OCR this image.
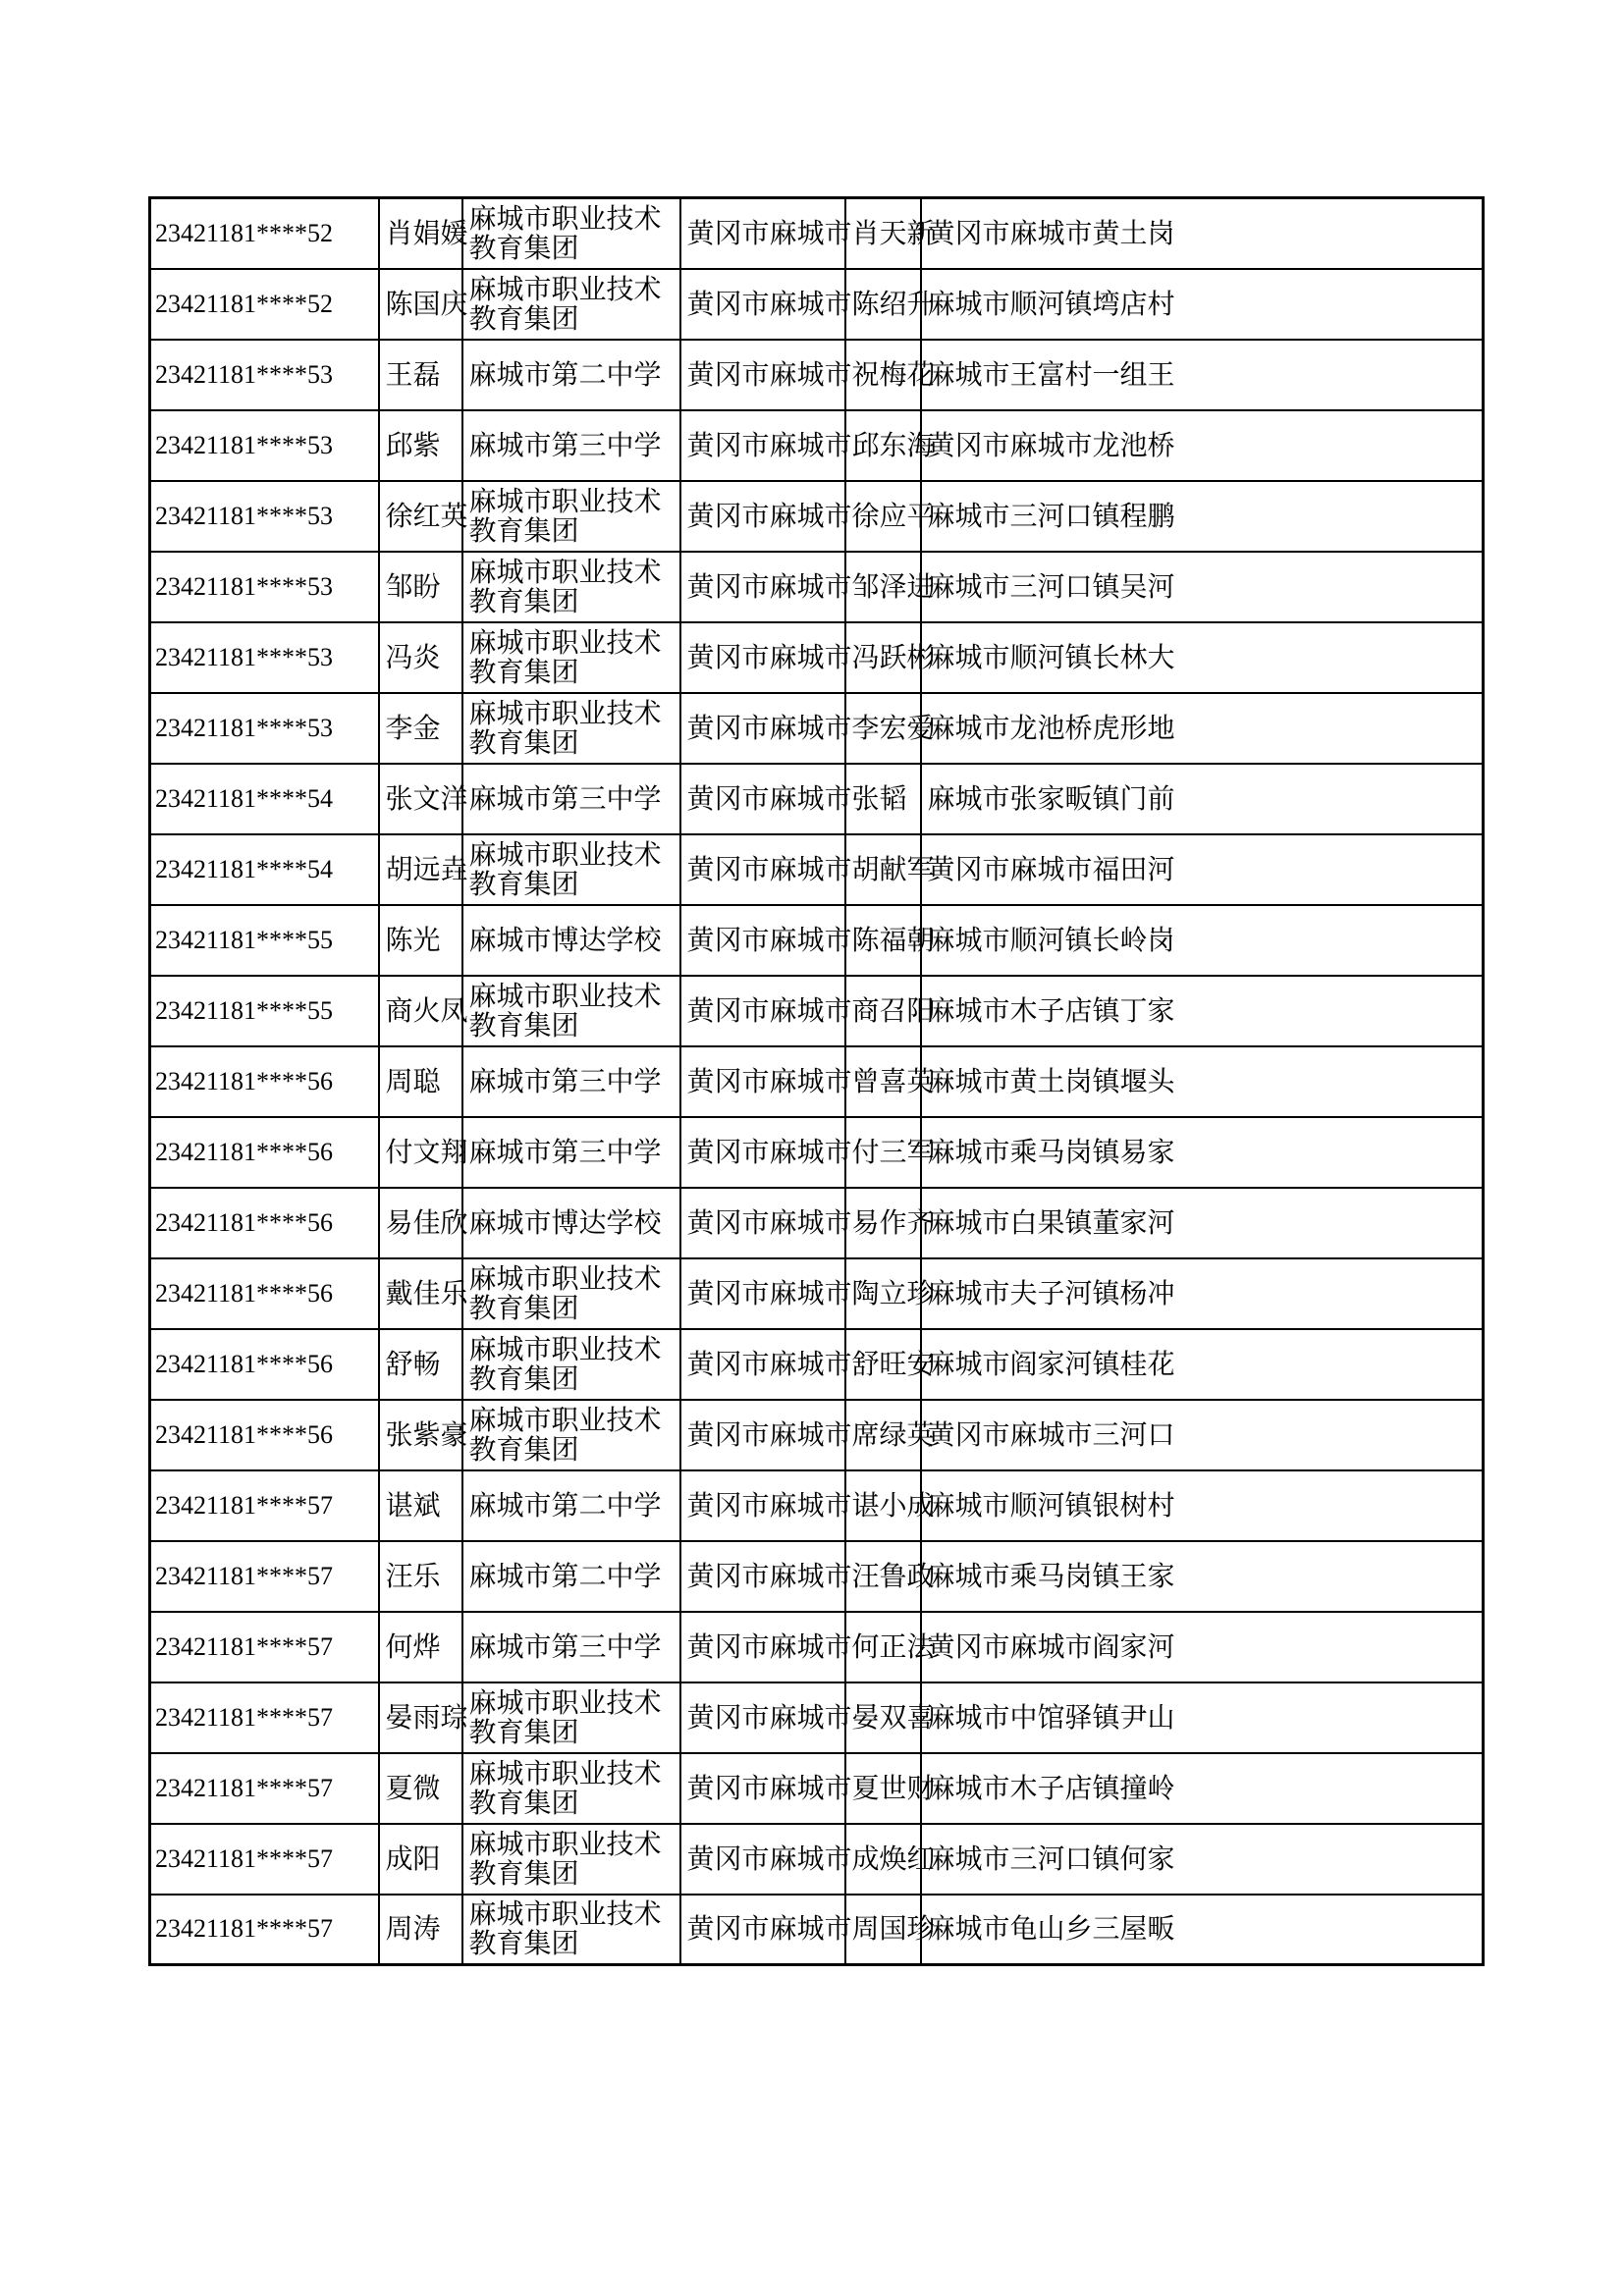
23421181****52	肖娟媛	麻城市职业技术教育集团	黄冈市麻城市	肖天新	黄冈市麻城市黄土岗
23421181****52	陈国庆	麻城市职业技术教育集团	黄冈市麻城市	陈绍升	麻城市顺河镇塆店村
23421181****53	王磊	麻城市第二中学	黄冈市麻城市	祝梅花	麻城市王富村一组王
23421181****53	邱紫	麻城市第三中学	黄冈市麻城市	邱东海	黄冈市麻城市龙池桥
23421181****53	徐红英	麻城市职业技术教育集团	黄冈市麻城市	徐应平	麻城市三河口镇程鹏
23421181****53	邹盼	麻城市职业技术教育集团	黄冈市麻城市	邹泽进	麻城市三河口镇吴河
23421181****53	冯炎	麻城市职业技术教育集团	黄冈市麻城市	冯跃彬	麻城市顺河镇长林大
23421181****53	李金	麻城市职业技术教育集团	黄冈市麻城市	李宏爱	麻城市龙池桥虎形地
23421181****54	张文洋	麻城市第三中学	黄冈市麻城市	张韬	麻城市张家畈镇门前
23421181****54	胡远垚	麻城市职业技术教育集团	黄冈市麻城市	胡献军	黄冈市麻城市福田河
23421181****55	陈光	麻城市博达学校	黄冈市麻城市	陈福朝	麻城市顺河镇长岭岗
23421181****55	商火凤	麻城市职业技术教育集团	黄冈市麻城市	商召阳	麻城市木子店镇丁家
23421181****56	周聪	麻城市第三中学	黄冈市麻城市	曾喜英	麻城市黄土岗镇堰头
23421181****56	付文翔	麻城市第三中学	黄冈市麻城市	付三军	麻城市乘马岗镇易家
23421181****56	易佳欣	麻城市博达学校	黄冈市麻城市	易作齐	麻城市白果镇董家河
23421181****56	戴佳乐	麻城市职业技术教育集团	黄冈市麻城市	陶立珍	麻城市夫子河镇杨冲
23421181****56	舒畅	麻城市职业技术教育集团	黄冈市麻城市	舒旺安	麻城市阎家河镇桂花
23421181****56	张紫豪	麻城市职业技术教育集团	黄冈市麻城市	席绿英	黄冈市麻城市三河口
23421181****57	谌斌	麻城市第二中学	黄冈市麻城市	谌小成	麻城市顺河镇银树村
23421181****57	汪乐	麻城市第二中学	黄冈市麻城市	汪鲁政	麻城市乘马岗镇王家
23421181****57	何烨	麻城市第三中学	黄冈市麻城市	何正法	黄冈市麻城市阎家河
23421181****57	晏雨琮	麻城市职业技术教育集团	黄冈市麻城市	晏双喜	麻城市中馆驿镇尹山
23421181****57	夏微	麻城市职业技术教育集团	黄冈市麻城市	夏世财	麻城市木子店镇撞岭
23421181****57	成阳	麻城市职业技术教育集团	黄冈市麻城市	成焕红	麻城市三河口镇何家
23421181****57	周涛	麻城市职业技术教育集团	黄冈市麻城市	周国珍	麻城市龟山乡三屋畈
